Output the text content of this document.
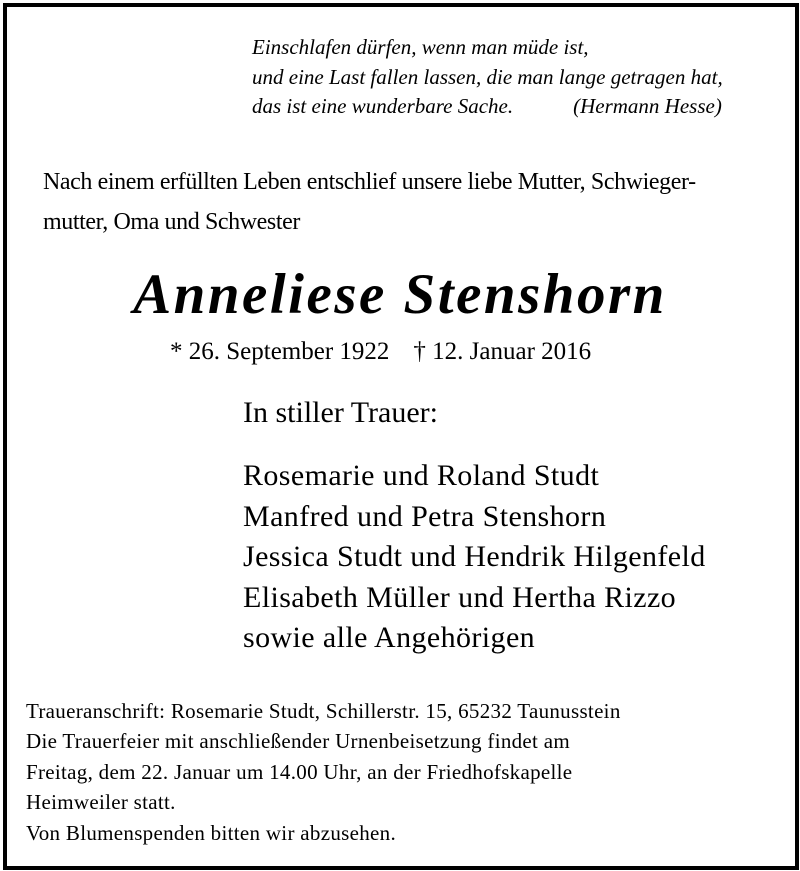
Einschlafen dürfen, wenn man müde ist,
und eine Last fallen lassen, die man lange getragen hat,
das ist eine wunderbare Sache.	(Hermann Hesse)
Nach einem erfüllten Leben entschlief unsere liebe Mutter, Schwieger-mutter, Oma und Schwester
Anneliese Stenshorn
* 26. September 1922 † 12. Januar 2016
In stiller Trauer:
Rosemarie und Roland Studt
Manfred und Petra Stenshorn
Jessica Studt und Hendrik Hilgenfeld
Elisabeth Müller und Hertha Rizzo
sowie alle Angehörigen
Traueranschrift: Rosemarie Studt, Schillerstr. 15, 65232 Taunusstein
Die Trauerfeier mit anschließender Urnenbeisetzung findet am
Freitag, dem 22. Januar um 14.00 Uhr, an der Friedhofskapelle
Heimweiler statt.
Von Blumenspenden bitten wir abzusehen.
